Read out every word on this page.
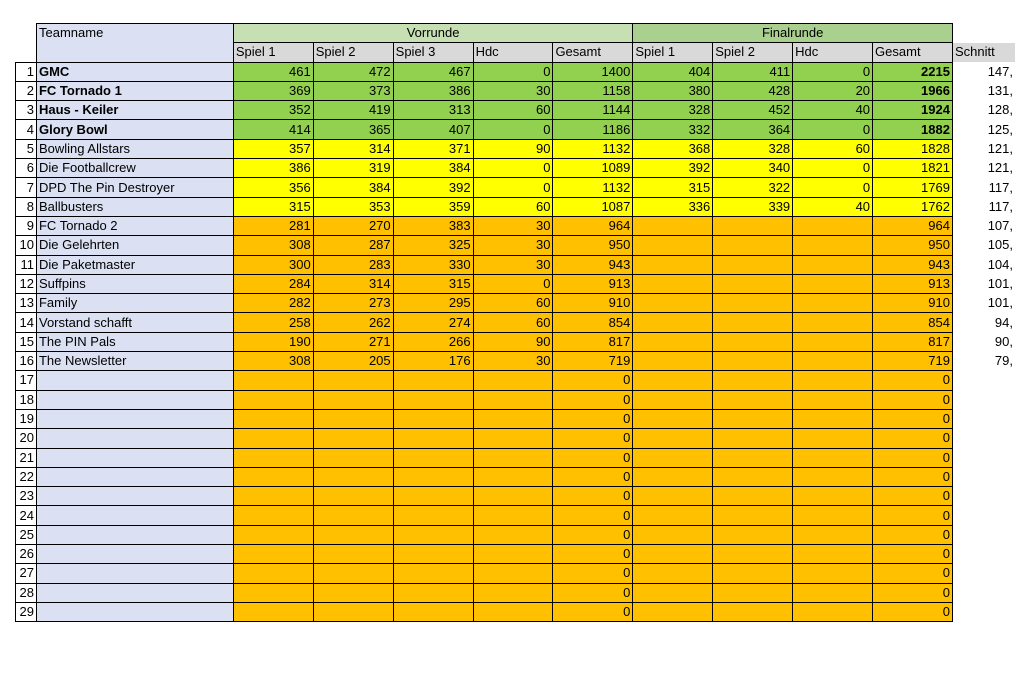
	Teamname	Vorrunde					Finalrunde				
		Spiel 1	Spiel 2	Spiel 3	Hdc	Gesamt	Spiel 1	Spiel 2	Hdc	Gesamt	Schnitt
1	GMC	461	472	467	0	1400	404	411	0	2215	147,
2	FC Tornado 1	369	373	386	30	1158	380	428	20	1966	131,
3	Haus - Keiler	352	419	313	60	1144	328	452	40	1924	128,
4	Glory Bowl	414	365	407	0	1186	332	364	0	1882	125,
5	Bowling Allstars	357	314	371	90	1132	368	328	60	1828	121,
6	Die Footballcrew	386	319	384	0	1089	392	340	0	1821	121,
7	DPD The Pin Destroyer	356	384	392	0	1132	315	322	0	1769	117,
8	Ballbusters	315	353	359	60	1087	336	339	40	1762	117,
9	FC Tornado 2	281	270	383	30	964				964	107,
10	Die Gelehrten	308	287	325	30	950				950	105,
11	Die Paketmaster	300	283	330	30	943				943	104,
12	Suffpins	284	314	315	0	913				913	101,
13	Family	282	273	295	60	910				910	101,
14	Vorstand schafft	258	262	274	60	854				854	94,
15	The PIN Pals	190	271	266	90	817				817	90,
16	The Newsletter	308	205	176	30	719				719	79,
17						0				0	
18						0				0	
19						0				0	
20						0				0	
21						0				0	
22						0				0	
23						0				0	
24						0				0	
25						0				0	
26						0				0	
27						0				0	
28						0				0	
29						0				0	
